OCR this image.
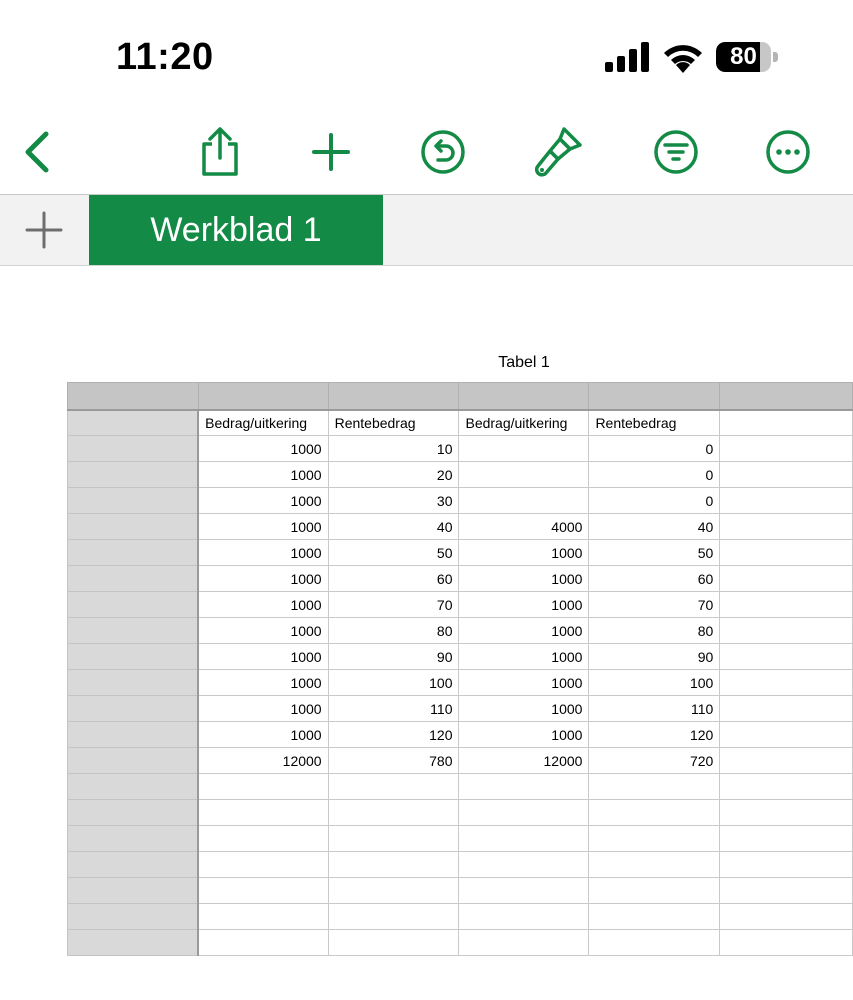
11:20	80
Werkblad 1
Tabel 1

	Bedrag/uitkering	Rentebedrag	Bedrag/uitkering	Rentebedrag	
	1000	10		0	
	1000	20		0	
	1000	30		0	
	1000	40	4000	40	
	1000	50	1000	50	
	1000	60	1000	60	
	1000	70	1000	70	
	1000	80	1000	80	
	1000	90	1000	90	
	1000	100	1000	100	
	1000	110	1000	110	
	1000	120	1000	120	
	12000	780	12000	720	
